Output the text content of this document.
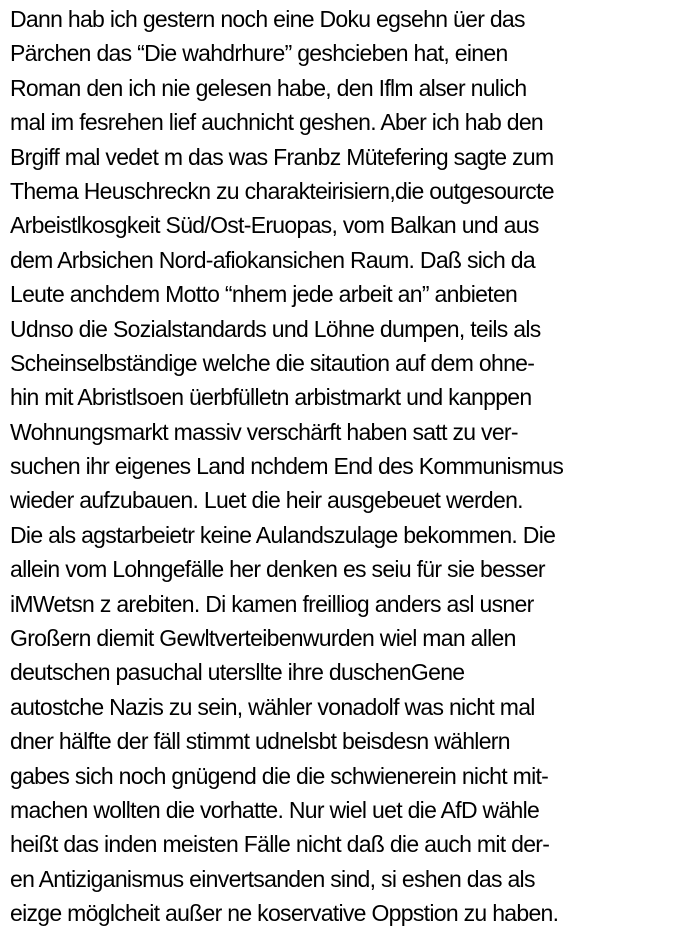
Dann hab ich gestern noch eine Doku egsehn üer das
Pärchen das “Die wahdrhure” geshcieben hat, einen
Roman den ich nie gelesen habe, den Iflm alser nulich
mal im fesrehen lief auchnicht geshen. Aber ich hab den
Brgiff mal vedet m das was Franbz Mütefering sagte zum
Thema Heuschreckn zu charakteirisiern,die outgesourcte
Arbeistlkosgkeit Süd/Ost-Eruopas, vom Balkan und aus
dem Arbsichen Nord-afiokansichen Raum. Daß sich da
Leute anchdem Motto “nhem jede arbeit an” anbieten
Udnso die Sozialstandards und Löhne dumpen, teils als
Scheinselbständige welche die sitaution auf dem ohne-
hin mit Abristlsoen üerbfülletn arbistmarkt und kanppen
Wohnungsmarkt massiv verschärft haben satt zu ver-
suchen ihr eigenes Land nchdem End des Kommunismus
wieder aufzubauen. Luet die heir ausgebeuet werden.
Die als agstarbeietr keine Aulandszulage bekommen. Die
allein vom Lohngefälle her denken es seiu für sie besser
iMWetsn z arebiten. Di kamen freilliog anders asl usner
Großern diemit Gewltverteibenwurden wiel man allen
deutschen pasuchal utersllte ihre duschenGene
autostche Nazis zu sein, wähler vonadolf was nicht mal
dner hälfte der fäll stimmt udnelsbt beisdesn wählern
gabes sich noch gnügend die die schwienerein nicht mit-
machen wollten die vorhatte. Nur wiel uet die AfD wähle
heißt das inden meisten Fälle nicht daß die auch mit der-
en Antiziganismus einvertsanden sind, si eshen das als
eizge möglcheit außer ne koservative Oppstion zu haben.
